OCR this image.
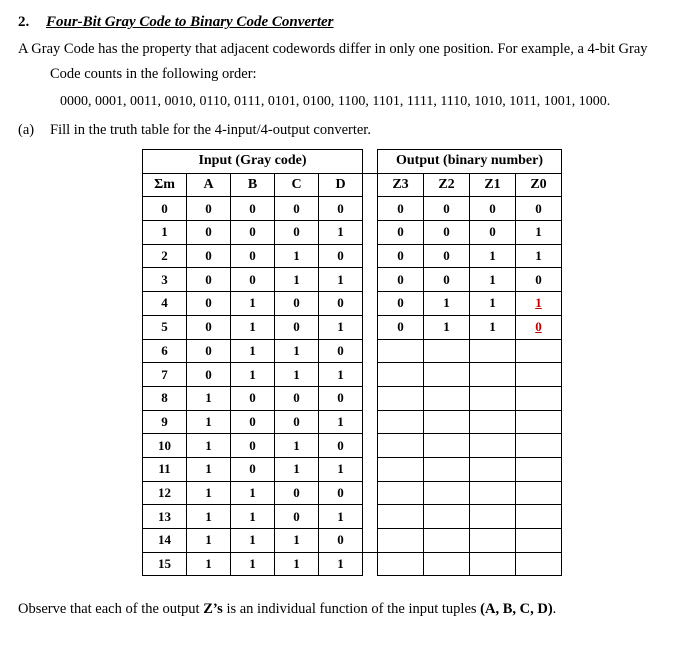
2. Four-Bit Gray Code to Binary Code Converter
A Gray Code has the property that adjacent codewords differ in only one position. For example, a 4-bit Gray
Code counts in the following order:
0000, 0001, 0011, 0010, 0110, 0111, 0101, 0100, 1100, 1101, 1111, 1110, 1010, 1011, 1001, 1000.
(a) Fill in the truth table for the 4-input/4-output converter.
Input (Gray code)						Output (binary number)			
Σm	A	B	C	D		Z3	Z2	Z1	Z0
0	0	0	0	0		0	0	0	0
1	0	0	0	1		0	0	0	1
2	0	0	1	0		0	0	1	1
3	0	0	1	1		0	0	1	0
4	0	1	0	0		0	1	1	1
5	0	1	0	1		0	1	1	0
6	0	1	1	0					
7	0	1	1	1					
8	1	0	0	0					
9	1	0	0	1					
10	1	0	1	0					
11	1	0	1	1					
12	1	1	0	0					
13	1	1	0	1					
14	1	1	1	0					
15	1	1	1	1					
Observe that each of the output Z’s is an individual function of the input tuples (A, B, C, D).
